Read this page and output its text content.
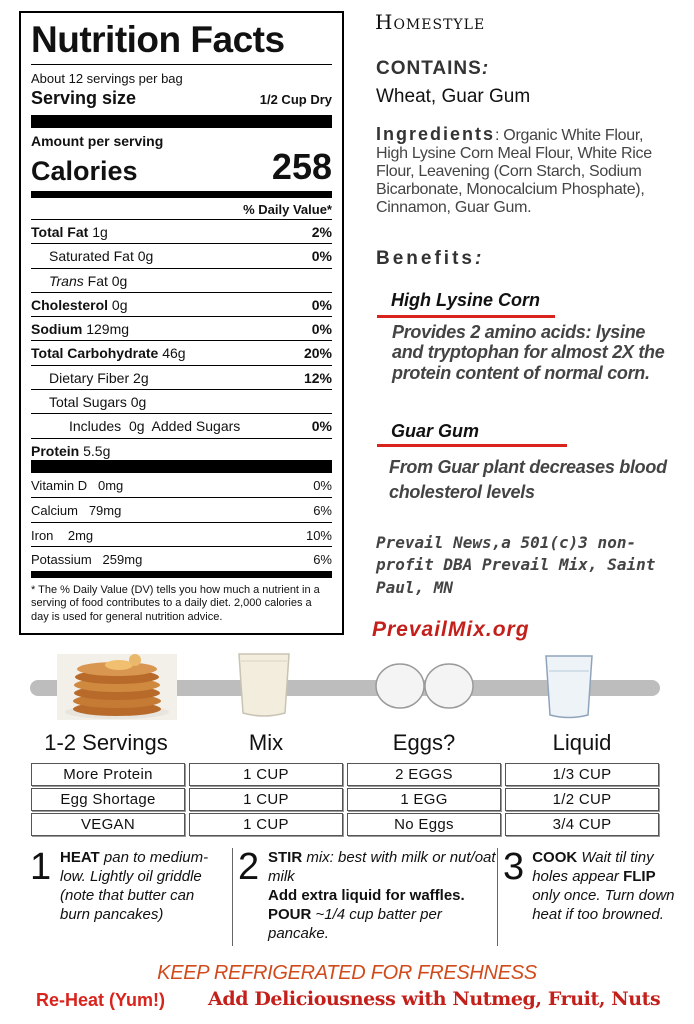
Nutrition Facts
About 12 servings per bag
Serving size	1/2 Cup Dry
Amount per serving
Calories	258
% Daily Value*
Total Fat 1g	2%
Saturated Fat 0g	0%
Trans Fat 0g
Cholesterol 0g	0%
Sodium 129mg	0%
Total Carbohydrate 46g	20%
Dietary Fiber 2g	12%
Total Sugars 0g
Includes 0g Added Sugars	0%
Protein 5.5g
Vitamin D 0mg	0%
Calcium 79mg	6%
Iron 2mg	10%
Potassium 259mg	6%
* The % Daily Value (DV) tells you how much a nutrient in a serving of food contributes to a daily diet. 2,000 calories a day is used for general nutrition advice.
Homestyle
CONTAINS:
Wheat, Guar Gum
Ingredients: Organic White Flour, High Lysine Corn Meal Flour, White Rice Flour, Leavening (Corn Starch, Sodium Bicarbonate, Monocalcium Phosphate), Cinnamon, Guar Gum.
Benefits:
High Lysine Corn
Provides 2 amino acids: lysine and tryptophan for almost 2X the protein content of normal corn.
Guar Gum
From Guar plant decreases blood cholesterol levels
Prevail News,a 501(c)3 non-profit DBA Prevail Mix, Saint Paul, MN
PrevailMix.org
1-2 Servings	Mix	Eggs?	Liquid
More Protein	1 CUP	2 EGGS	1/3 CUP
Egg Shortage	1 CUP	1 EGG	1/2 CUP
VEGAN	1 CUP	No Eggs	3/4 CUP
1 HEAT pan to medium-low. Lightly oil griddle (note that butter can burn pancakes)
2 STIR mix: best with milk or nut/oat milk
Add extra liquid for waffles.
POUR ~1/4 cup batter per pancake.
3 COOK Wait til tiny holes appear FLIP only once. Turn down heat if too browned.
KEEP REFRIGERATED FOR FRESHNESS
Re-Heat (Yum!) Add Deliciousness with Nutmeg, Fruit, Nuts
